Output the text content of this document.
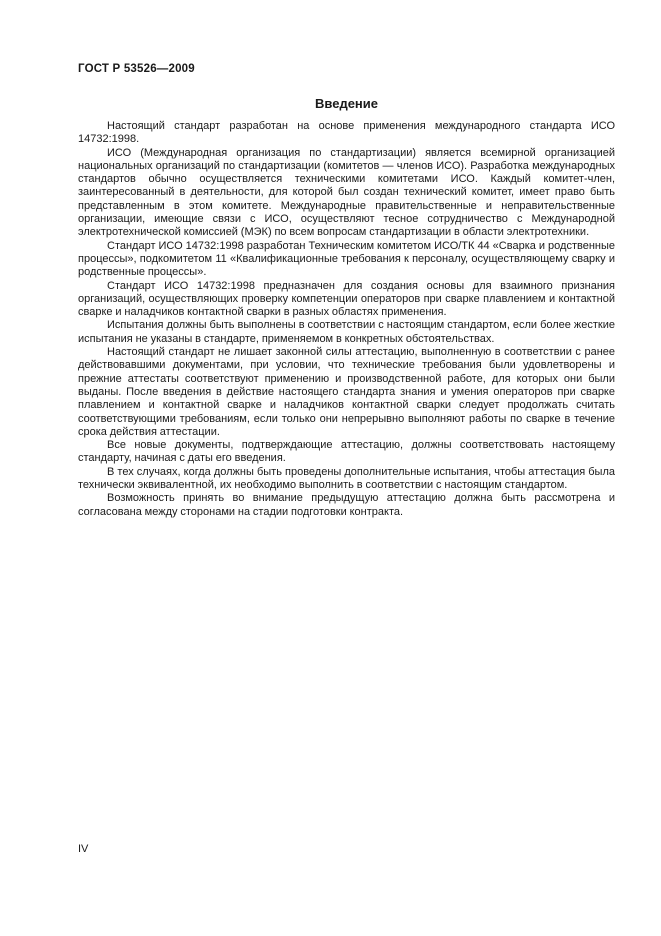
ГОСТ Р 53526—2009
Введение

Настоящий стандарт разработан на основе применения международного стандарта ИСО 14732:1998.

ИСО (Международная организация по стандартизации) является всемирной организацией национальных организаций по стандартизации (комитетов — членов ИСО). Разработка международных стандартов обычно осуществляется техническими комитетами ИСО. Каждый комитет-член, заинтересованный в деятельности, для которой был создан технический комитет, имеет право быть представленным в этом комитете. Международные правительственные и неправительственные организации, имеющие связи с ИСО, осуществляют тесное сотрудничество с Международной электротехнической комиссией (МЭК) по всем вопросам стандартизации в области электротехники.

Стандарт ИСО 14732:1998 разработан Техническим комитетом ИСО/ТК 44 «Сварка и родственные процессы», подкомитетом 11 «Квалификационные требования к персоналу, осуществляющему сварку и родственные процессы».

Стандарт ИСО 14732:1998 предназначен для создания основы для взаимного признания организаций, осуществляющих проверку компетенции операторов при сварке плавлением и контактной сварке и наладчиков контактной сварки в разных областях применения.

Испытания должны быть выполнены в соответствии с настоящим стандартом, если более жесткие испытания не указаны в стандарте, применяемом в конкретных обстоятельствах.

Настоящий стандарт не лишает законной силы аттестацию, выполненную в соответствии с ранее действовавшими документами, при условии, что технические требования были удовлетворены и прежние аттестаты соответствуют применению и производственной работе, для которых они были выданы. После введения в действие настоящего стандарта знания и умения операторов при сварке плавлением и контактной сварке и наладчиков контактной сварки следует продолжать считать соответствующими требованиям, если только они непрерывно выполняют работы по сварке в течение срока действия аттестации.

Все новые документы, подтверждающие аттестацию, должны соответствовать настоящему стандарту, начиная с даты его введения.

В тех случаях, когда должны быть проведены дополнительные испытания, чтобы аттестация была технически эквивалентной, их необходимо выполнить в соответствии с настоящим стандартом.

Возможность принять во внимание предыдущую аттестацию должна быть рассмотрена и согласована между сторонами на стадии подготовки контракта.

IV
